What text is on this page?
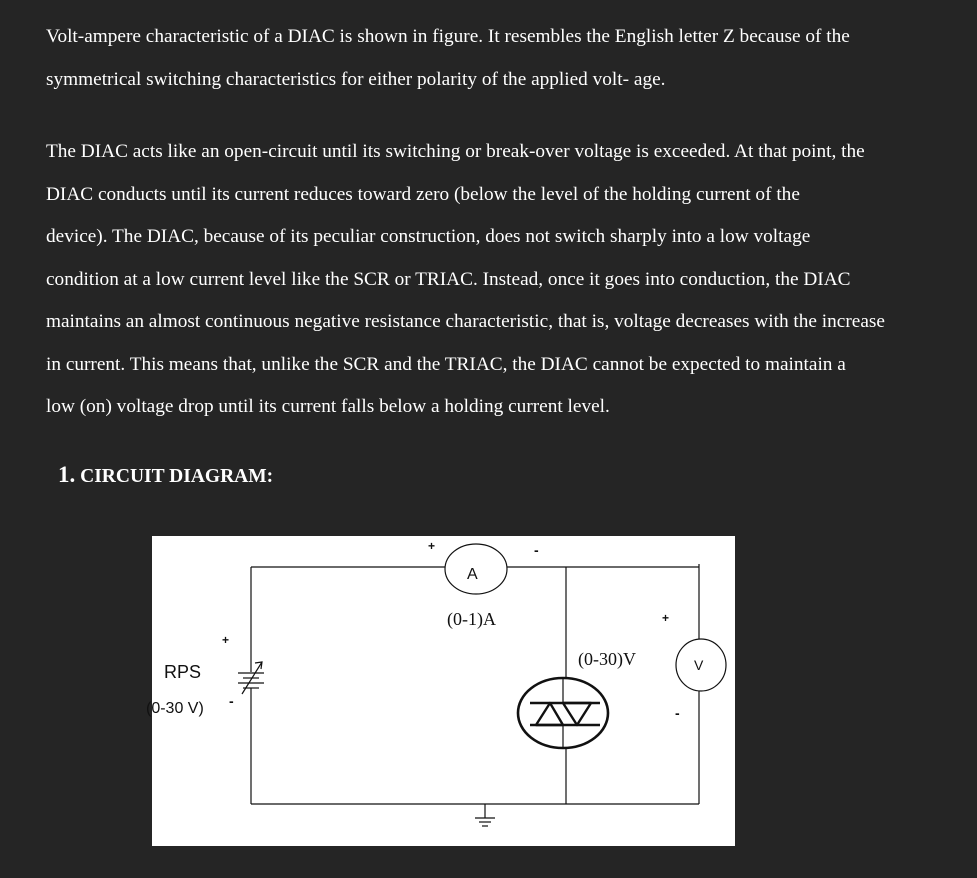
Volt-ampere characteristic of a DIAC is shown in figure. It resembles the English letter Z because of the
symmetrical switching characteristics for either polarity of the applied volt- age.
The DIAC acts like an open-circuit until its switching or break-over voltage is exceeded. At that point, the
DIAC conducts until its current reduces toward zero (below the level of the holding current of the
device). The DIAC, because of its peculiar construction, does not switch sharply into a low voltage
condition at a low current level like the SCR or TRIAC. Instead, once it goes into conduction, the DIAC
maintains an almost continuous negative resistance characteristic, that is, voltage decreases with the increase
in current. This means that, unlike the SCR and the TRIAC, the DIAC cannot be expected to maintain a
low (on) voltage drop until its current falls below a holding current level.
1. CIRCUIT DIAGRAM:
A
(0-1)A
V
(0-30)V
RPS
(0-30 V)
+	-
+
-
+
-
